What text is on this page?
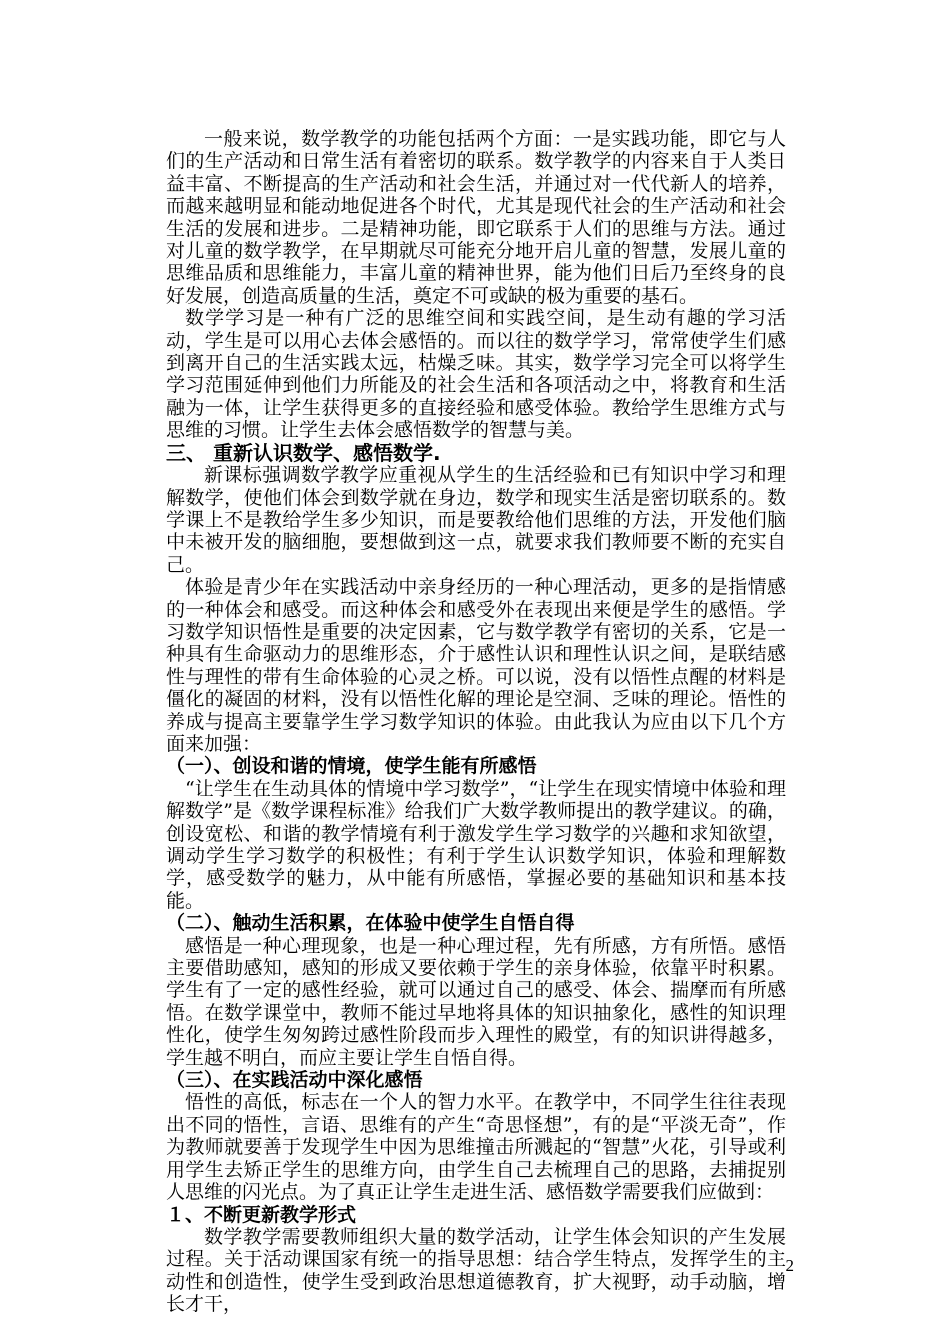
一般来说，数学教学的功能包括两个方面：一是实践功能，即它与人们的生产活动和日常生活有着密切的联系。数学教学的内容来自于人类日益丰富、不断提高的生产活动和社会生活，并通过对一代代新人的培养，而越来越明显和能动地促进各个时代，尤其是现代社会的生产活动和社会生活的发展和进步。二是精神功能，即它联系于人们的思维与方法。通过对儿童的数学教学，在早期就尽可能充分地开启儿童的智慧，发展儿童的思维品质和思维能力，丰富儿童的精神世界，能为他们日后乃至终身的良好发展，创造高质量的生活，奠定不可或缺的极为重要的基石。

数学学习是一种有广泛的思维空间和实践空间，是生动有趣的学习活动，学生是可以用心去体会感悟的。而以往的数学学习，常常使学生们感到离开自己的生活实践太远，枯燥乏味。其实，数学学习完全可以将学生学习范围延伸到他们力所能及的社会生活和各项活动之中，将教育和生活融为一体，让学生获得更多的直接经验和感受体验。教给学生思维方式与思维的习惯。让学生去体会感悟数学的智慧与美。

三、 重新认识数学、感悟数学.

新课标强调数学教学应重视从学生的生活经验和已有知识中学习和理解数学，使他们体会到数学就在身边，数学和现实生活是密切联系的。数学课上不是教给学生多少知识，而是要教给他们思维的方法，开发他们脑中未被开发的脑细胞，要想做到这一点，就要求我们教师要不断的充实自己。

体验是青少年在实践活动中亲身经历的一种心理活动，更多的是指情感的一种体会和感受。而这种体会和感受外在表现出来便是学生的感悟。学习数学知识悟性是重要的决定因素，它与数学教学有密切的关系，它是一种具有生命驱动力的思维形态，介于感性认识和理性认识之间，是联结感性与理性的带有生命体验的心灵之桥。可以说，没有以悟性点醒的材料是僵化的凝固的材料，没有以悟性化解的理论是空洞、乏味的理论。悟性的养成与提高主要靠学生学习数学知识的体验。由此我认为应由以下几个方面来加强：

（一）、创设和谐的情境，使学生能有所感悟

“让学生在生动具体的情境中学习数学”，“让学生在现实情境中体验和理解数学”是《数学课程标准》给我们广大数学教师提出的教学建议。的确，创设宽松、和谐的教学情境有利于激发学生学习数学的兴趣和求知欲望，调动学生学习数学的积极性；有利于学生认识数学知识，体验和理解数学，感受数学的魅力，从中能有所感悟，掌握必要的基础知识和基本技能。

（二）、触动生活积累，在体验中使学生自悟自得

感悟是一种心理现象，也是一种心理过程，先有所感，方有所悟。感悟主要借助感知，感知的形成又要依赖于学生的亲身体验，依靠平时积累。学生有了一定的感性经验，就可以通过自己的感受、体会、揣摩而有所感悟。在数学课堂中，教师不能过早地将具体的知识抽象化，感性的知识理性化，使学生匆匆跨过感性阶段而步入理性的殿堂，有的知识讲得越多，学生越不明白，而应主要让学生自悟自得。

（三）、在实践活动中深化感悟

悟性的高低，标志在一个人的智力水平。在教学中，不同学生往往表现出不同的悟性，言语、思维有的产生“奇思怪想”，有的是“平淡无奇”，作为教师就要善于发现学生中因为思维撞击所溅起的“智慧”火花，引导或利用学生去矫正学生的思维方向，由学生自己去梳理自己的思路，去捕捉别人思维的闪光点。为了真正让学生走进生活、感悟数学需要我们应做到：

１、不断更新教学形式

数学教学需要教师组织大量的数学活动，让学生体会知识的产生发展过程。关于活动课国家有统一的指导思想：结合学生特点，发挥学生的主动性和创造性，使学生受到政治思想道德教育，扩大视野，动手动脑，增长才干，

2
